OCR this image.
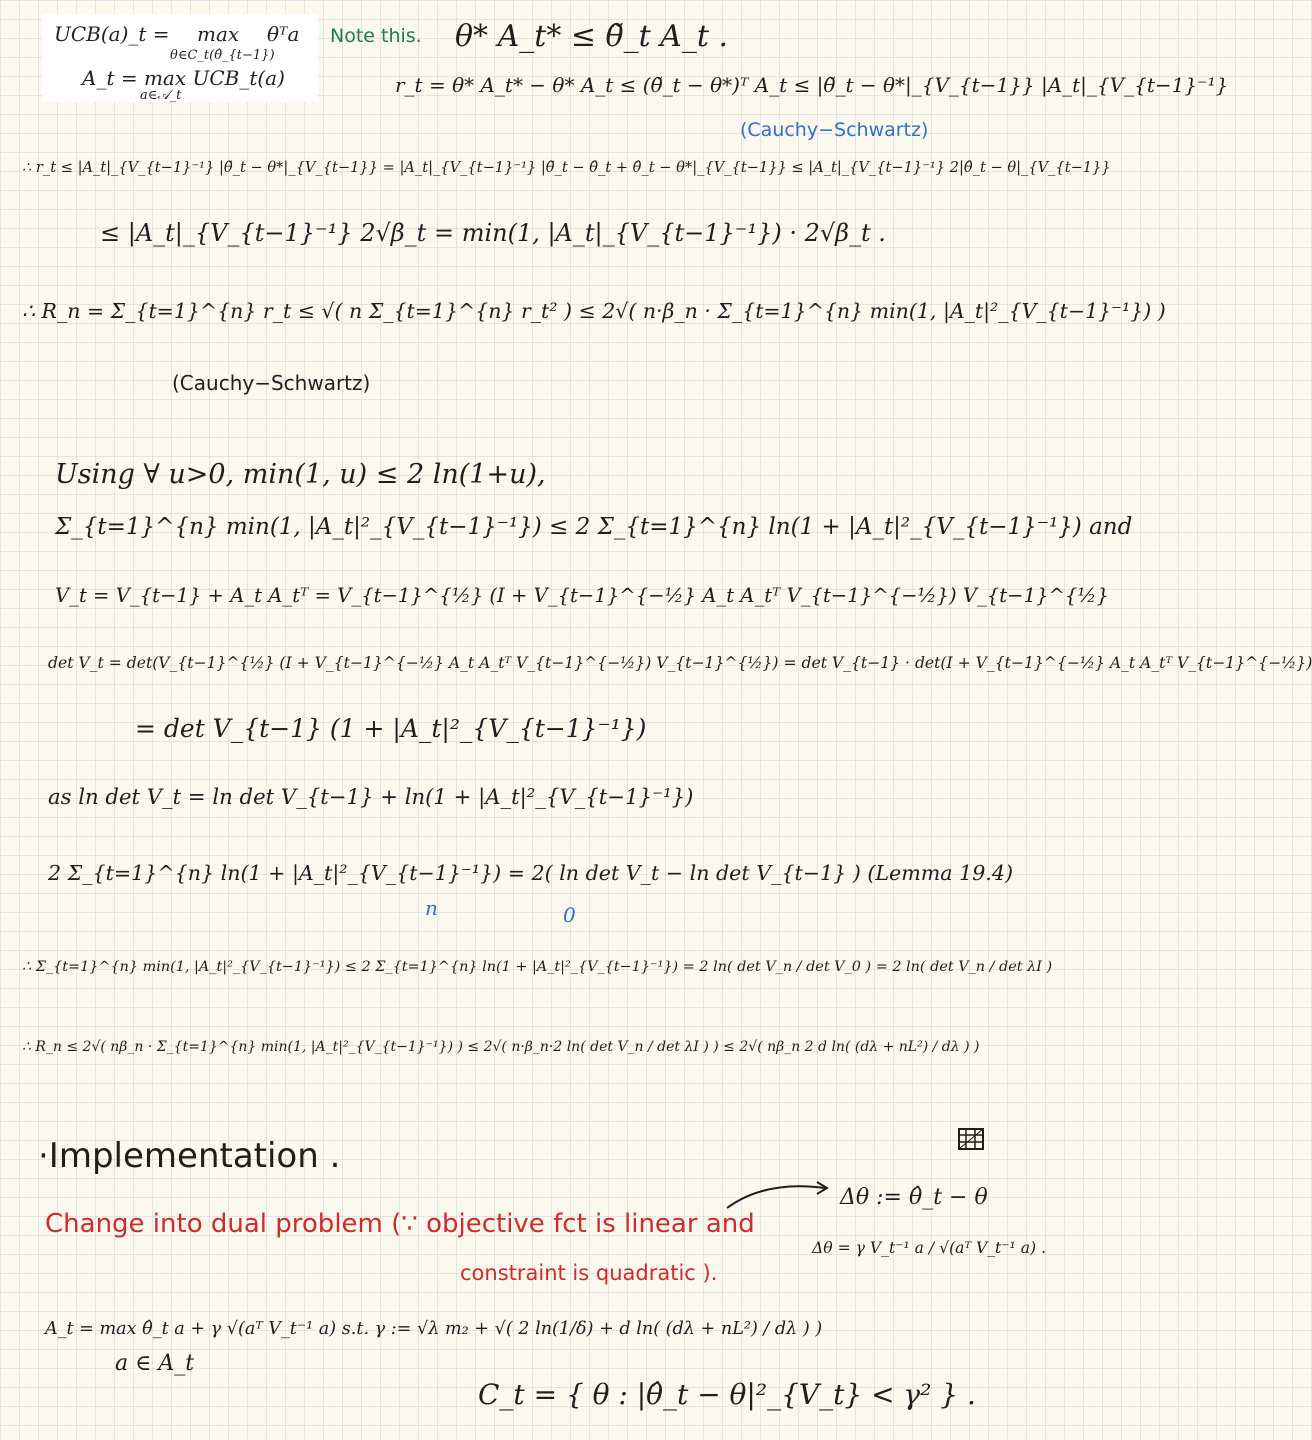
UCB(a)_t = max θᵀa
θ∈C_t(θ̂_{t−1})
A_t = max UCB_t(a)
a∈𝒜_t
Note this. θ* A_t* ≤ θ̃_t A_t .
r_t = θ* A_t* − θ* A_t ≤ (θ̃_t − θ*)ᵀ A_t ≤ |θ̃_t − θ*|_{V_{t−1}} |A_t|_{V_{t−1}⁻¹}
(Cauchy−Schwartz)
∴ r_t ≤ |A_t|_{V_{t−1}⁻¹} |θ̃_t − θ*|_{V_{t−1}} = |A_t|_{V_{t−1}⁻¹} |θ̃_t − θ̂_t + θ̂_t − θ*|_{V_{t−1}} ≤ |A_t|_{V_{t−1}⁻¹} 2|θ̂_t − θ|_{V_{t−1}}
≤ |A_t|_{V_{t−1}⁻¹} 2√β_t = min(1, |A_t|_{V_{t−1}⁻¹}) · 2√β_t .
∴ R_n = Σ_{t=1}^{n} r_t ≤ √( n Σ_{t=1}^{n} r_t² ) ≤ 2√( n·β_n · Σ_{t=1}^{n} min(1, |A_t|²_{V_{t−1}⁻¹}) )
(Cauchy−Schwartz)
Using ∀ u>0, min(1, u) ≤ 2 ln(1+u),
Σ_{t=1}^{n} min(1, |A_t|²_{V_{t−1}⁻¹}) ≤ 2 Σ_{t=1}^{n} ln(1 + |A_t|²_{V_{t−1}⁻¹}) and
V_t = V_{t−1} + A_t A_tᵀ = V_{t−1}^{½} (I + V_{t−1}^{−½} A_t A_tᵀ V_{t−1}^{−½}) V_{t−1}^{½}
det V_t = det(V_{t−1}^{½} (I + V_{t−1}^{−½} A_t A_tᵀ V_{t−1}^{−½}) V_{t−1}^{½}) = det V_{t−1} · det(I + V_{t−1}^{−½} A_t A_tᵀ V_{t−1}^{−½})
= det V_{t−1} (1 + |A_t|²_{V_{t−1}⁻¹})
as ln det V_t = ln det V_{t−1} + ln(1 + |A_t|²_{V_{t−1}⁻¹})
2 Σ_{t=1}^{n} ln(1 + |A_t|²_{V_{t−1}⁻¹}) = 2( ln det V_t − ln det V_{t−1} ) (Lemma 19.4)
n	0
∴ Σ_{t=1}^{n} min(1, |A_t|²_{V_{t−1}⁻¹}) ≤ 2 Σ_{t=1}^{n} ln(1 + |A_t|²_{V_{t−1}⁻¹}) = 2 ln( det V_n / det V_0 ) = 2 ln( det V_n / det λI )
∴ R_n ≤ 2√( nβ_n · Σ_{t=1}^{n} min(1, |A_t|²_{V_{t−1}⁻¹}) ) ≤ 2√( n·β_n·2 ln( det V_n / det λI ) ) ≤ 2√( nβ_n 2 d ln( (dλ + nL²) / dλ ) )
·Implementation .
Δθ := θ̂_t − θ
Change into dual problem (∵ objective fct is linear and
constraint is quadratic ).
Δθ = γ V_t⁻¹ a / √(aᵀ V_t⁻¹ a) .
A_t = max θ̂_t a + γ √(aᵀ V_t⁻¹ a) s.t. γ := √λ m₂ + √( 2 ln(1/δ) + d ln( (dλ + nL²) / dλ ) )
a ∈ A_t
C_t = { θ : |θ̂_t − θ|²_{V_t} < γ² } .
